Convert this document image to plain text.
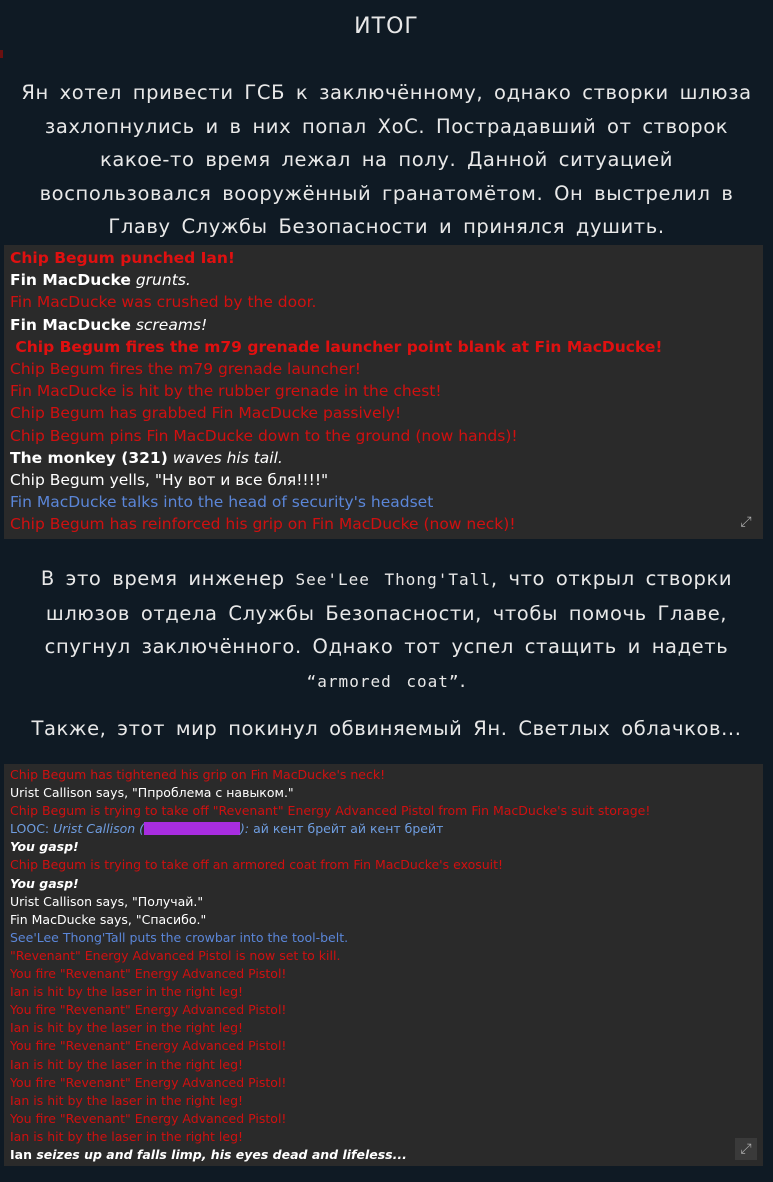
ИТОГ
Ян хотел привести ГСБ к заключённому, однако створки шлюза
захлопнулись и в них попал ХоС. Пострадавший от створок
какое-то время лежал на полу. Данной ситуацией
воспользовался вооружённый гранатомётом. Он выстрелил в
Главу Службы Безопасности и принялся душить.
Chip Begum punched Ian!
Fin MacDucke grunts.
Fin MacDucke was crushed by the door.
Fin MacDucke screams!
Chip Begum fires the m79 grenade launcher point blank at Fin MacDucke!
Chip Begum fires the m79 grenade launcher!
Fin MacDucke is hit by the rubber grenade in the chest!
Chip Begum has grabbed Fin MacDucke passively!
Chip Begum pins Fin MacDucke down to the ground (now hands)!
The monkey (321) waves his tail.
Chip Begum yells, "Ну вот и все бля!!!!"
Fin MacDucke talks into the head of security's headset
Chip Begum has reinforced his grip on Fin MacDucke (now neck)!	⤢
В это время инженер See'Lee Thong'Tall, что открыл створки
шлюзов отдела Службы Безопасности, чтобы помочь Главе,
спугнул заключённого. Однако тот успел стащить и надеть
“armored coat”.
Также, этот мир покинул обвиняемый Ян. Светлых облачков...
Chip Begum has tightened his grip on Fin MacDucke's neck!
Urist Callison says, "Ппроблема с навыком."
Chip Begum is trying to take off "Revenant" Energy Advanced Pistol from Fin MacDucke's suit storage!
LOOC: Urist Callison (	): ай кент брейт ай кент брейт
You gasp!
Chip Begum is trying to take off an armored coat from Fin MacDucke's exosuit!
You gasp!
Urist Callison says, "Получай."
Fin MacDucke says, "Спасибо."
See'Lee Thong'Tall puts the crowbar into the tool-belt.
"Revenant" Energy Advanced Pistol is now set to kill.
You fire "Revenant" Energy Advanced Pistol!
Ian is hit by the laser in the right leg!
You fire "Revenant" Energy Advanced Pistol!
Ian is hit by the laser in the right leg!
You fire "Revenant" Energy Advanced Pistol!
Ian is hit by the laser in the right leg!
You fire "Revenant" Energy Advanced Pistol!
Ian is hit by the laser in the right leg!
You fire "Revenant" Energy Advanced Pistol!
Ian is hit by the laser in the right leg!
Ian seizes up and falls limp, his eyes dead and lifeless...	⤢
